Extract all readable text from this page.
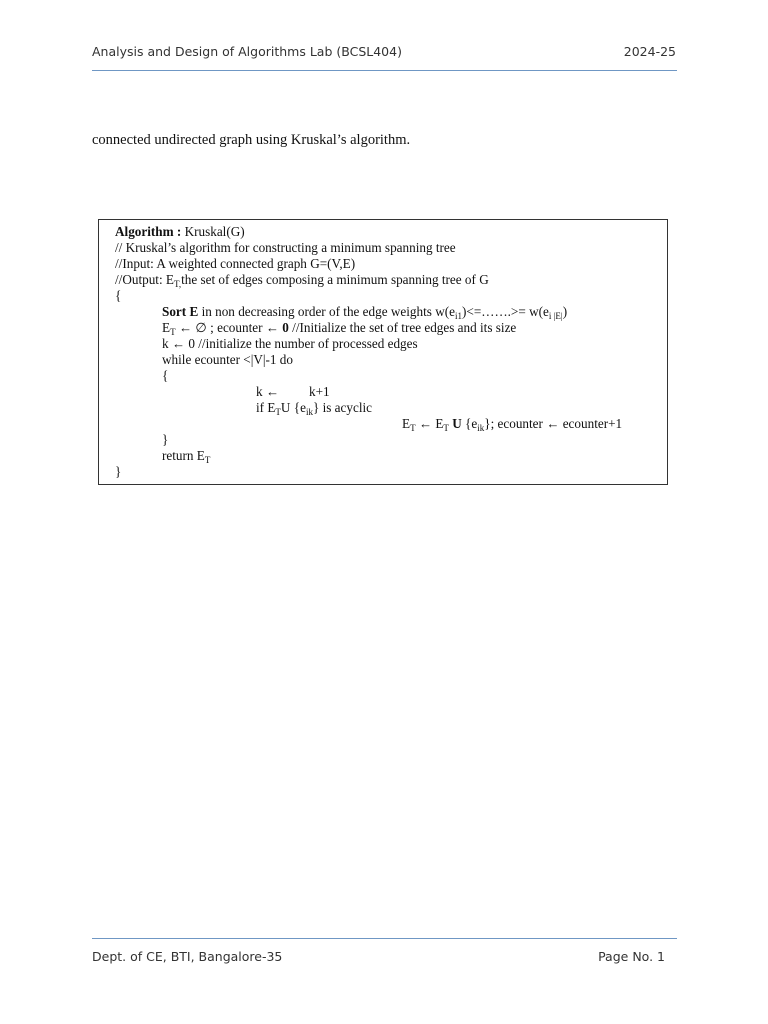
Analysis and Design of Algorithms Lab (BCSL404)	2024-25
connected undirected graph using Kruskal’s algorithm.
Algorithm : Kruskal(G)
// Kruskal’s algorithm for constructing a minimum spanning tree
//Input: A weighted connected graph G=(V,E)
//Output: $E_{T,}the$ set of edges composing a minimum spanning tree of G
{
Sort E in non decreasing order of the edge weights $w(e_{i1})<=\dots\dots.>= w(e_{i |E|})$
$E_T$ ← ∅ ; ecounter ← 0 //Initialize the set of tree edges and its size
k ← 0 //initialize the number of processed edges
while ecounter <|V|-1 do
{
k ← k+1
if $E_TU$ $\{e_{ik}\}$ is acyclic
$E_T$ ← $E_T$ U $\{e_{ik}\}$; ecounter ← ecounter+1
}
return $E_T$
}
Dept. of CE, BTI, Bangalore-35	Page No. 1
